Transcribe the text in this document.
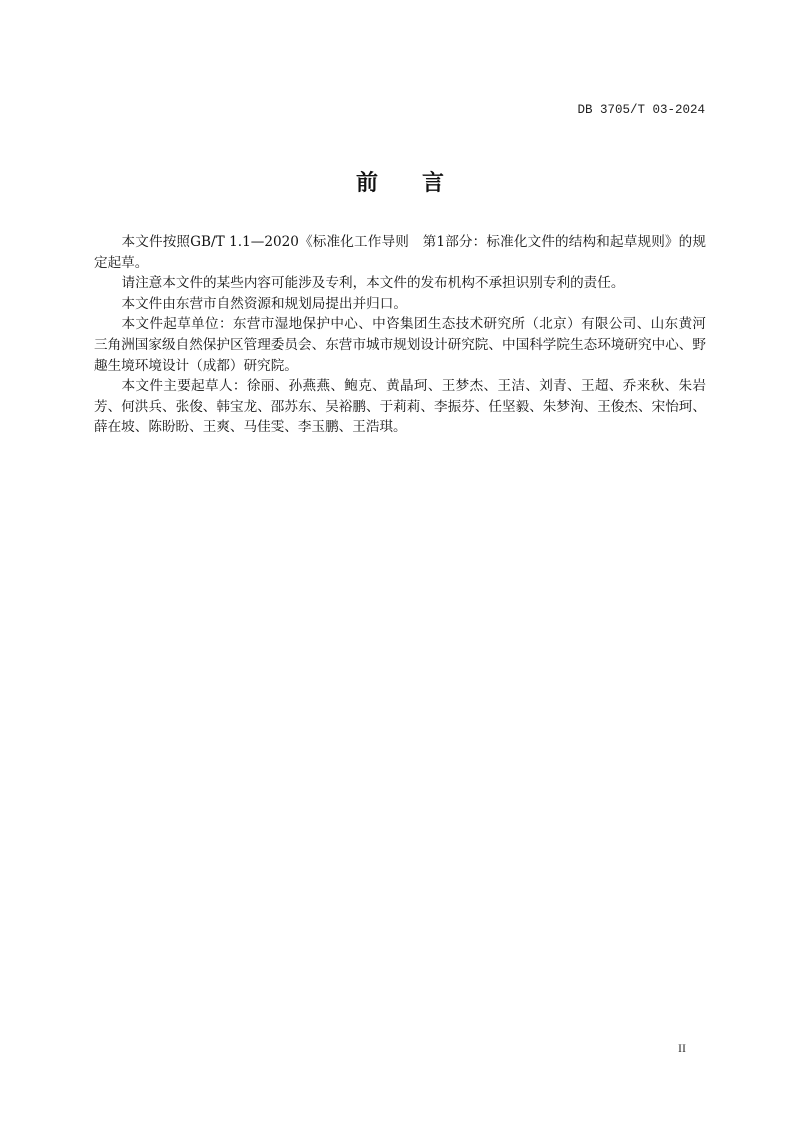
DB 3705/T 03-2024
前 言

本文件按照GB/T 1.1—2020《标准化工作导则　第1部分：标准化文件的结构和起草规则》的规定起草。

请注意本文件的某些内容可能涉及专利，本文件的发布机构不承担识别专利的责任。

本文件由东营市自然资源和规划局提出并归口。

本文件起草单位：东营市湿地保护中心、中咨集团生态技术研究所（北京）有限公司、山东黄河三角洲国家级自然保护区管理委员会、东营市城市规划设计研究院、中国科学院生态环境研究中心、野趣生境环境设计（成都）研究院。

本文件主要起草人：徐丽、孙燕燕、鲍克、黄晶珂、王梦杰、王洁、刘青、王超、乔来秋、朱岩芳、何洪兵、张俊、韩宝龙、邵苏东、吴裕鹏、于莉莉、李振芬、任坚毅、朱梦洵、王俊杰、宋怡珂、薛在坡、陈盼盼、王爽、马佳雯、李玉鹏、王浩琪。

II
